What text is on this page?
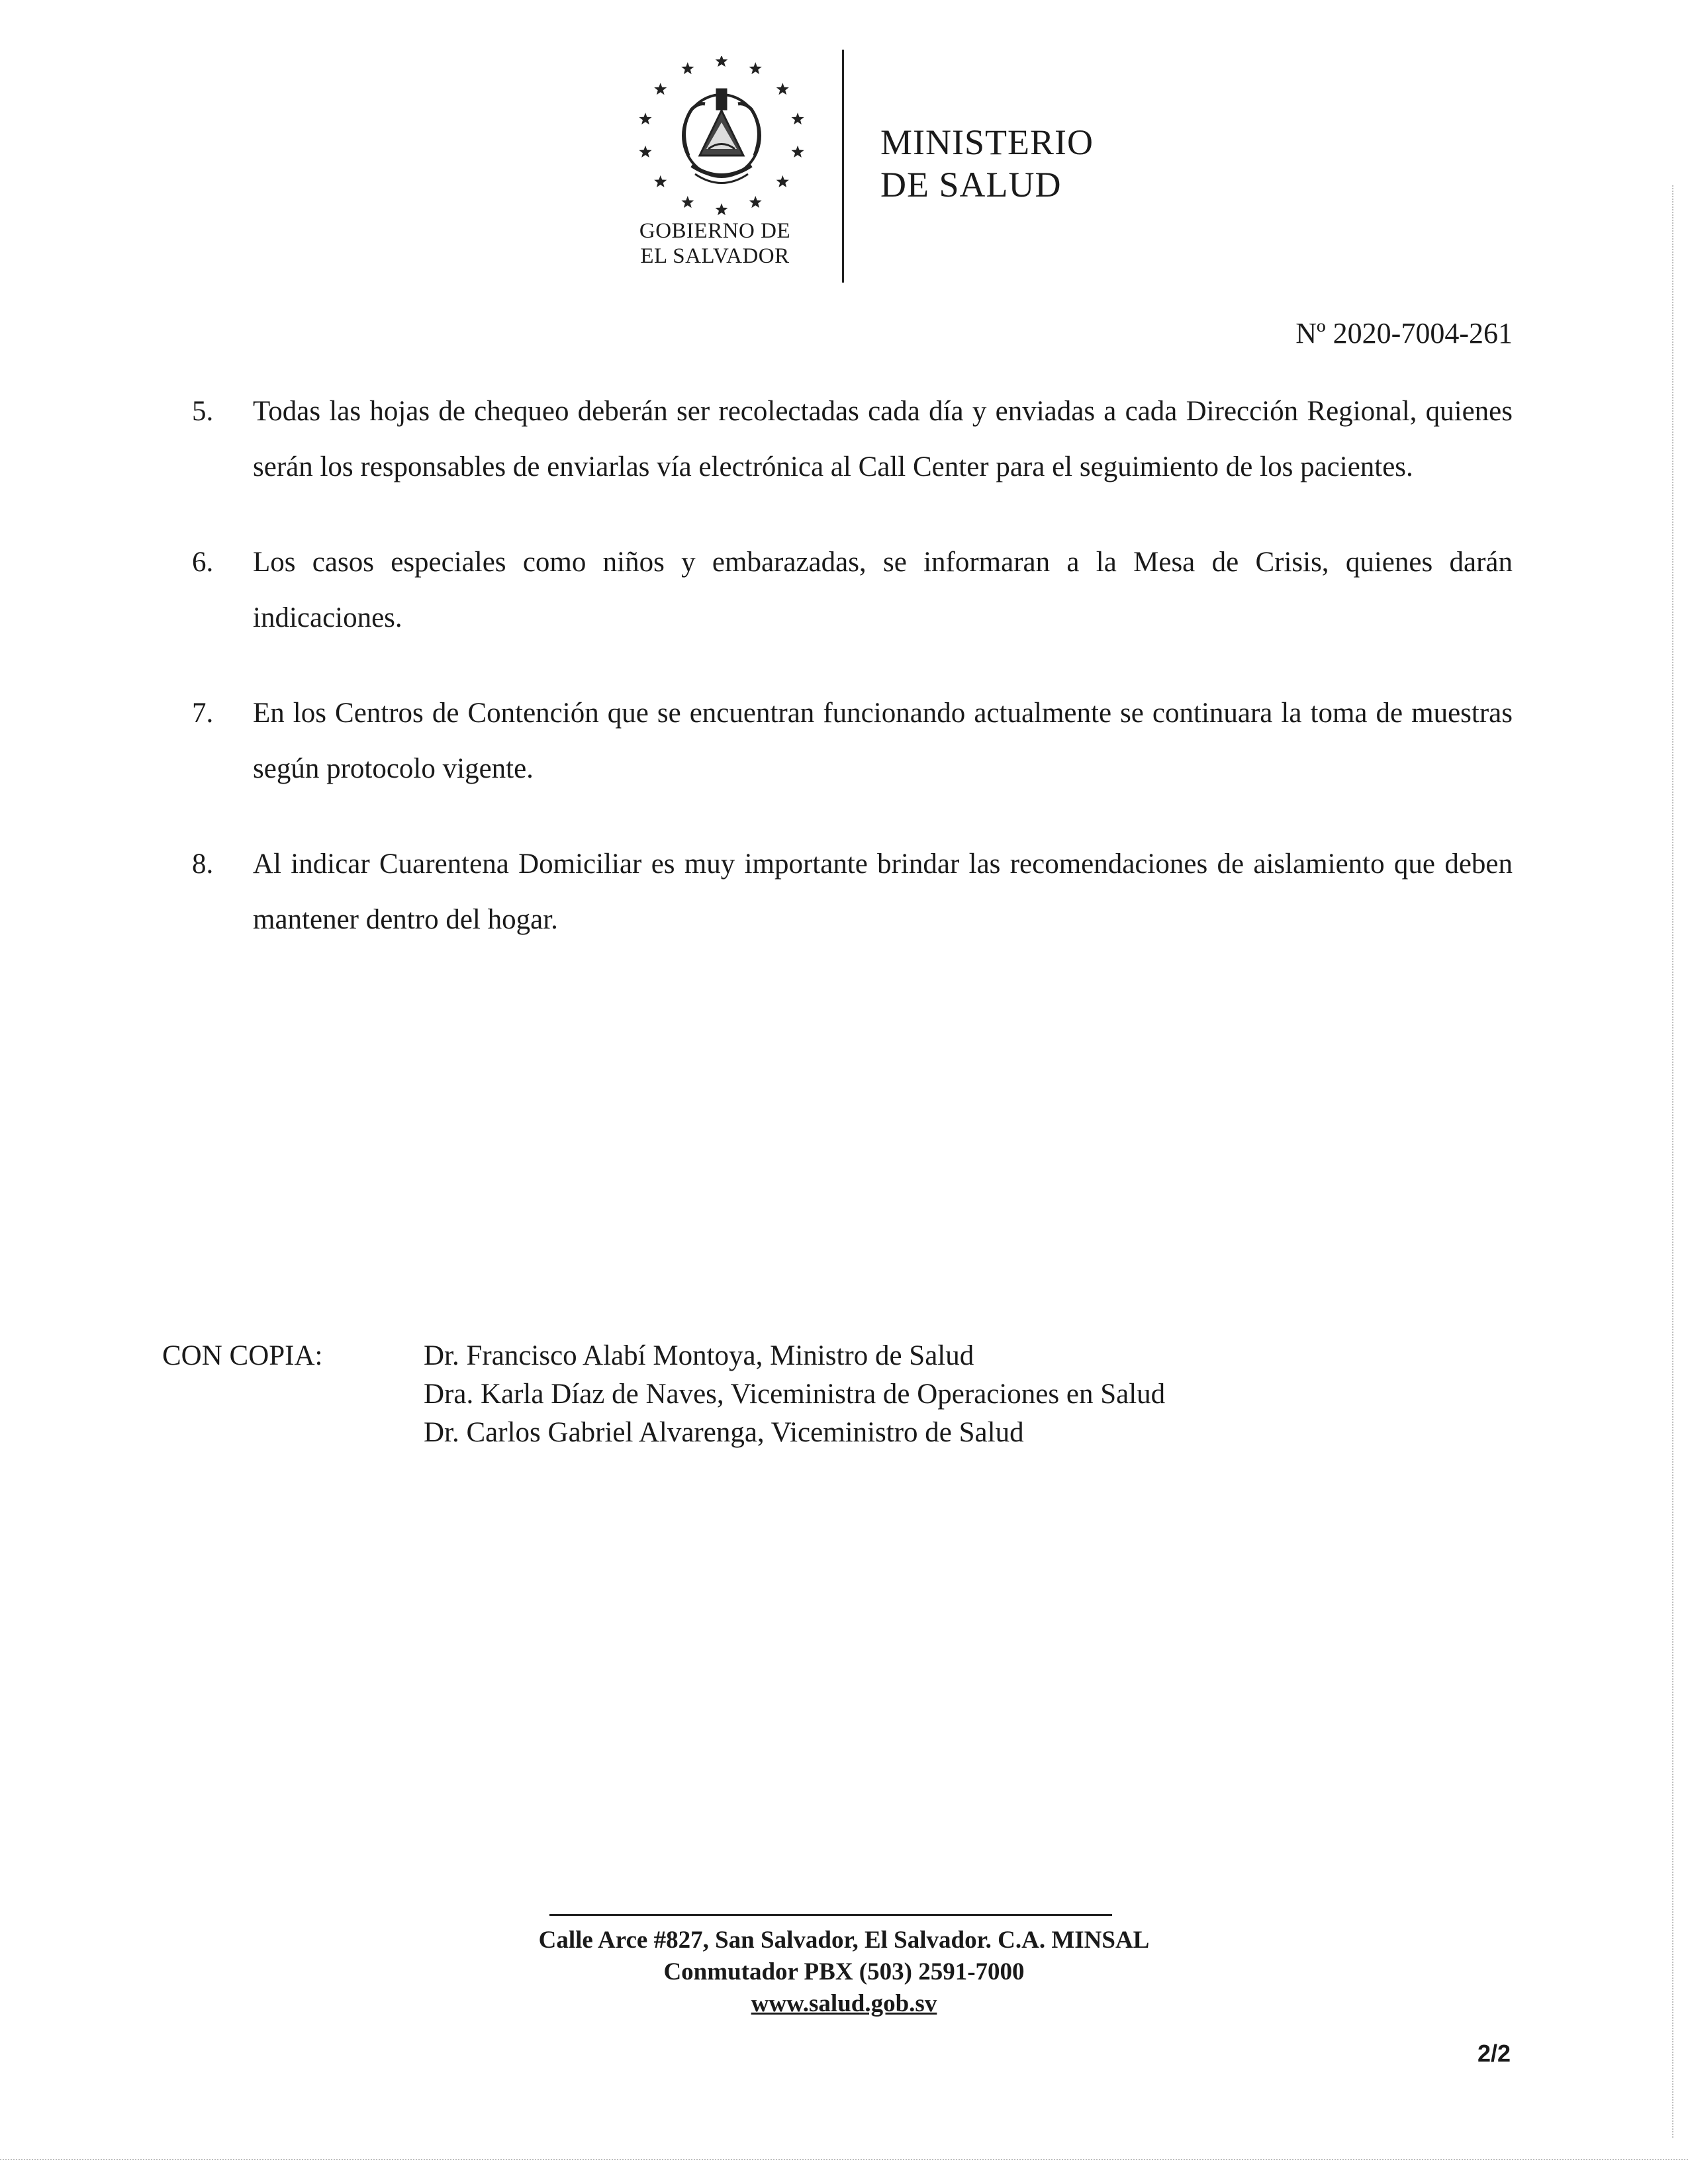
GOBIERNO DE
EL SALVADOR
MINISTERIO
DE SALUD
Nº 2020-7004-261
5.	Todas las hojas de chequeo deberán ser recolectadas cada día y enviadas a cada Dirección Regional, quienes serán los responsables de enviarlas vía electrónica al Call Center para el seguimiento de los pacientes.
6.	Los casos especiales como niños y embarazadas, se informaran a la Mesa de Crisis, quienes darán indicaciones.
7.	En los Centros de Contención que se encuentran funcionando actualmente se continuara la toma de muestras según protocolo vigente.
8.	Al indicar Cuarentena Domiciliar es muy importante brindar las recomendaciones de aislamiento que deben mantener dentro del hogar.
CON COPIA:	Dr. Francisco Alabí Montoya, Ministro de Salud
Dra. Karla Díaz de Naves, Viceministra de Operaciones en Salud
Dr. Carlos Gabriel Alvarenga, Viceministro de Salud
Calle Arce #827, San Salvador, El Salvador. C.A. MINSAL
Conmutador PBX (503) 2591-7000
www.salud.gob.sv
2/2
